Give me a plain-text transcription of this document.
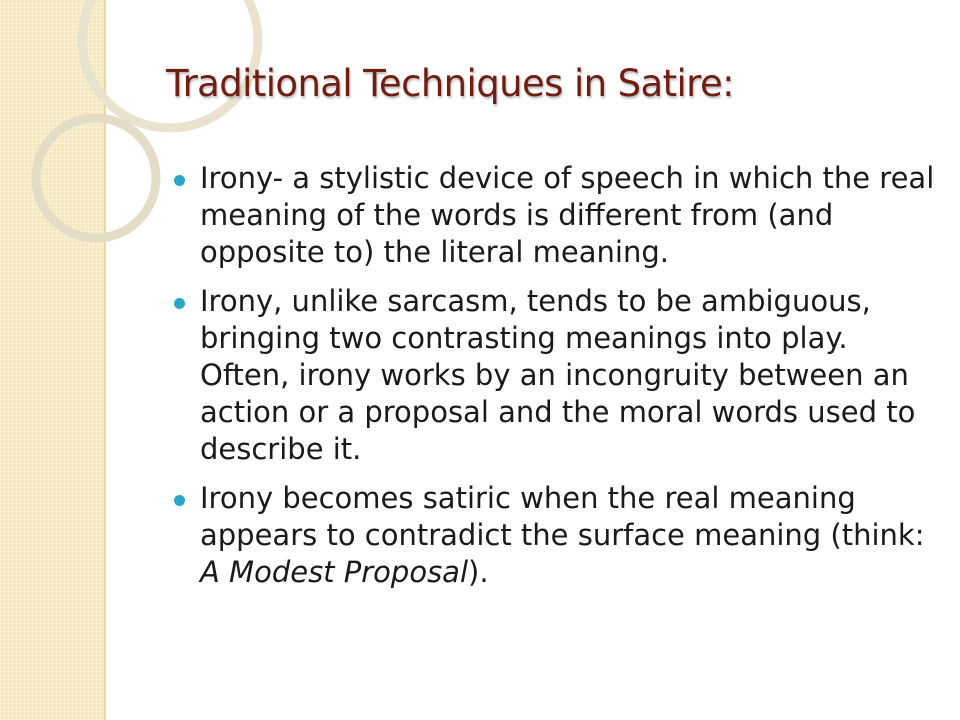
Traditional Techniques in Satire:
Irony- a stylistic device of speech in which the real meaning of the words is different from (and opposite to) the literal meaning.
Irony, unlike sarcasm, tends to be ambiguous, bringing two contrasting meanings into play. Often, irony works by an incongruity between an action or a proposal and the moral words used to describe it.
Irony becomes satiric when the real meaning appears to contradict the surface meaning (think: A Modest Proposal).
